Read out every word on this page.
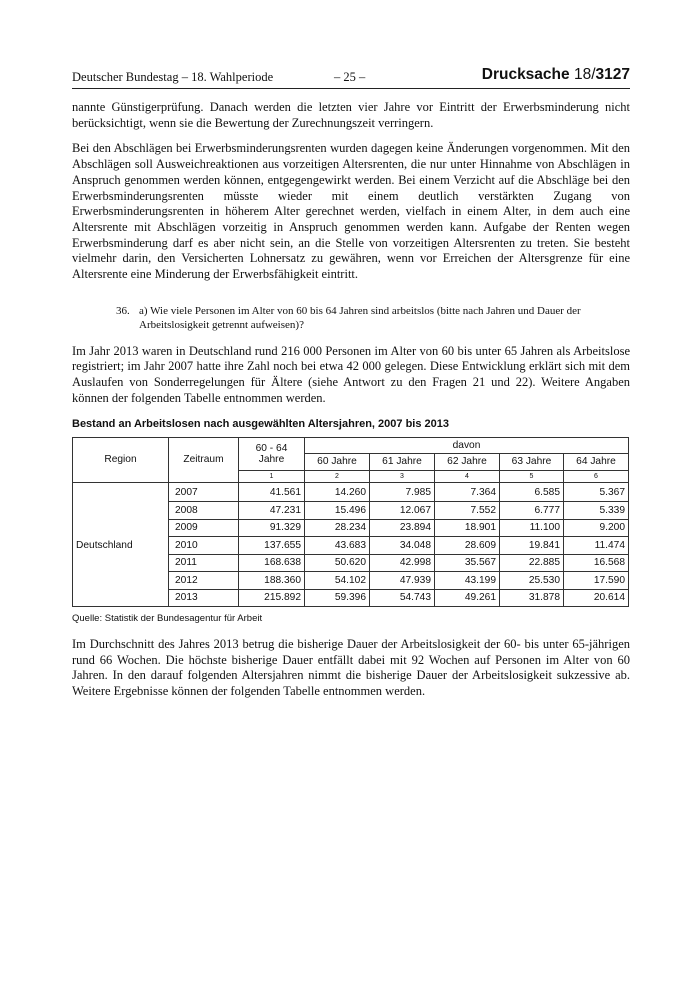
Deutscher Bundestag – 18. Wahlperiode	– 25 –	Drucksache 18/3127

nannte Günstigerprüfung. Danach werden die letzten vier Jahre vor Eintritt der Erwerbsminderung nicht berücksichtigt, wenn sie die Bewertung der Zurechnungszeit verringern.

Bei den Abschlägen bei Erwerbsminderungsrenten wurden dagegen keine Änderungen vorgenommen. Mit den Abschlägen soll Ausweichreaktionen aus vorzeitigen Altersrenten, die nur unter Hinnahme von Abschlägen in Anspruch genommen werden können, entgegengewirkt werden. Bei einem Verzicht auf die Abschläge bei den Erwerbsminderungsrenten müsste wieder mit einem deutlich verstärkten Zugang von Erwerbsminderungsrenten in höherem Alter gerechnet werden, vielfach in einem Alter, in dem auch eine Altersrente mit Abschlägen vorzeitig in Anspruch genommen werden kann. Aufgabe der Renten wegen Erwerbsminderung darf es aber nicht sein, an die Stelle von vorzeitigen Altersrenten zu treten. Sie besteht vielmehr darin, den Versicherten Lohnersatz zu gewähren, wenn vor Erreichen der Altersgrenze für eine Altersrente eine Minderung der Erwerbsfähigkeit eintritt.

36. a) Wie viele Personen im Alter von 60 bis 64 Jahren sind arbeitslos (bitte nach Jahren und Dauer der Arbeitslosigkeit getrennt aufweisen)?

Im Jahr 2013 waren in Deutschland rund 216 000 Personen im Alter von 60 bis unter 65 Jahren als Arbeitslose registriert; im Jahr 2007 hatte ihre Zahl noch bei etwa 42 000 gelegen. Diese Entwicklung erklärt sich mit dem Auslaufen von Sonderregelungen für Ältere (siehe Antwort zu den Fragen 21 und 22). Weitere Angaben können der folgenden Tabelle entnommen werden.

Bestand an Arbeitslosen nach ausgewählten Altersjahren, 2007 bis 2013
Region	Zeitraum	60 - 64 Jahre	davon				
			60 Jahre	61 Jahre	62 Jahre	63 Jahre	64 Jahre
		1	2	3	4	5	6
Deutschland	2007	41.561	14.260	7.985	7.364	6.585	5.367
	2008	47.231	15.496	12.067	7.552	6.777	5.339
	2009	91.329	28.234	23.894	18.901	11.100	9.200
	2010	137.655	43.683	34.048	28.609	19.841	11.474
	2011	168.638	50.620	42.998	35.567	22.885	16.568
	2012	188.360	54.102	47.939	43.199	25.530	17.590
	2013	215.892	59.396	54.743	49.261	31.878	20.614
Quelle: Statistik der Bundesagentur für Arbeit

Im Durchschnitt des Jahres 2013 betrug die bisherige Dauer der Arbeitslosigkeit der 60- bis unter 65-jährigen rund 66 Wochen. Die höchste bisherige Dauer entfällt dabei mit 92 Wochen auf Personen im Alter von 60 Jahren. In den darauf folgenden Altersjahren nimmt die bisherige Dauer der Arbeitslosigkeit sukzessive ab. Weitere Ergebnisse können der folgenden Tabelle entnommen werden.
